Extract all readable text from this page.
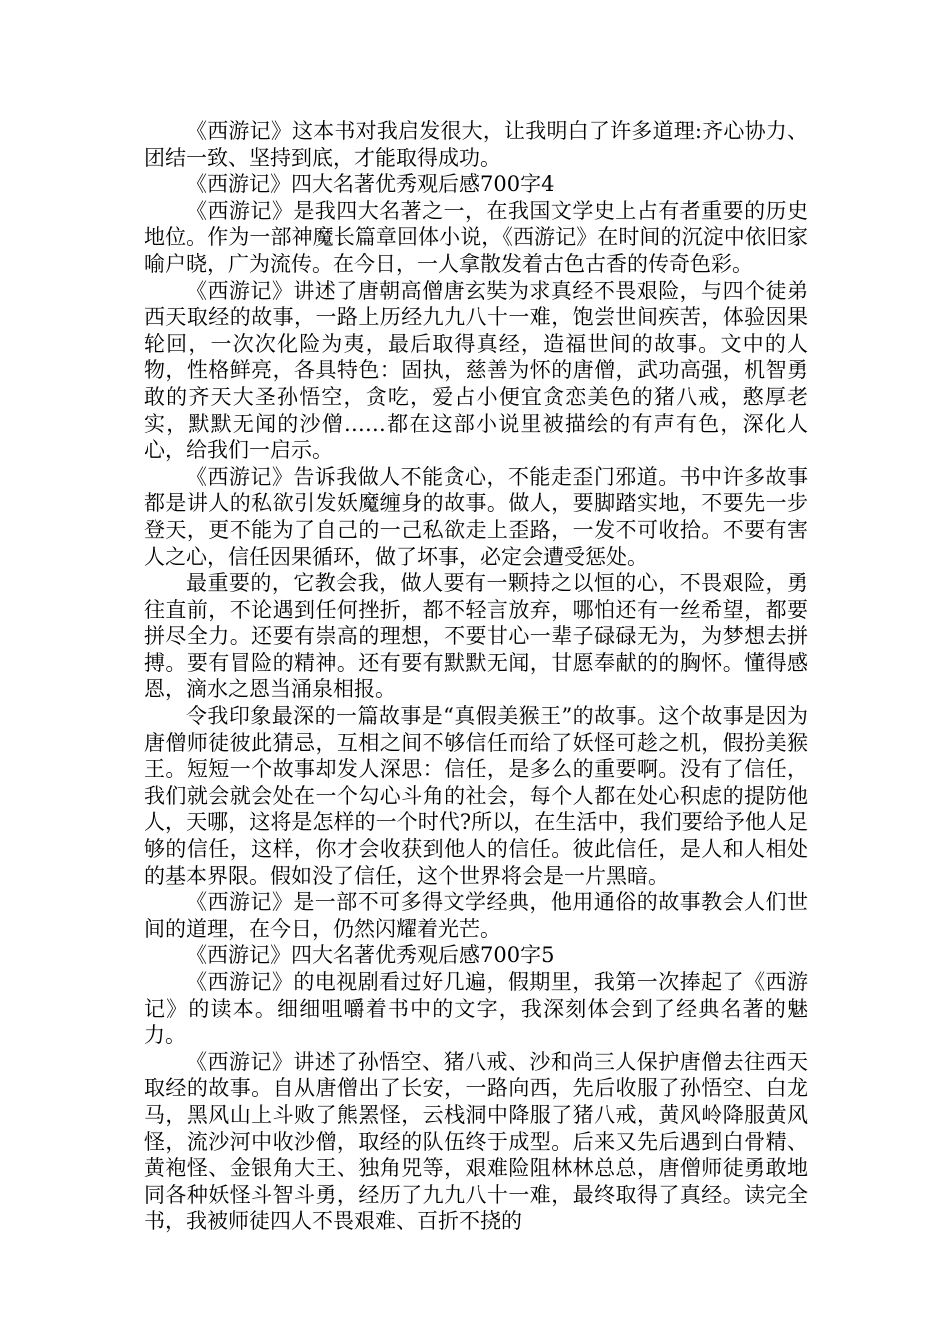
《西游记》这本书对我启发很大，让我明白了许多道理:齐心协力、团结一致、坚持到底，才能取得成功。

《西游记》四大名著优秀观后感700字4

《西游记》是我四大名著之一，在我国文学史上占有者重要的历史地位。作为一部神魔长篇章回体小说，《西游记》在时间的沉淀中依旧家喻户晓，广为流传。在今日，一人拿散发着古色古香的传奇色彩。

《西游记》讲述了唐朝高僧唐玄奘为求真经不畏艰险，与四个徒弟西天取经的故事，一路上历经九九八十一难，饱尝世间疾苦，体验因果轮回，一次次化险为夷，最后取得真经，造福世间的故事。文中的人物，性格鲜亮，各具特色：固执，慈善为怀的唐僧，武功高强，机智勇敢的齐天大圣孙悟空，贪吃，爱占小便宜贪恋美色的猪八戒，憨厚老实，默默无闻的沙僧……都在这部小说里被描绘的有声有色，深化人心，给我们一启示。

《西游记》告诉我做人不能贪心，不能走歪门邪道。书中许多故事都是讲人的私欲引发妖魔缠身的故事。做人，要脚踏实地，不要先一步登天，更不能为了自己的一己私欲走上歪路，一发不可收拾。不要有害人之心，信任因果循环，做了坏事，必定会遭受惩处。

最重要的，它教会我，做人要有一颗持之以恒的心，不畏艰险，勇往直前，不论遇到任何挫折，都不轻言放弃，哪怕还有一丝希望，都要拼尽全力。还要有崇高的理想，不要甘心一辈子碌碌无为，为梦想去拼搏。要有冒险的精神。还有要有默默无闻，甘愿奉献的的胸怀。懂得感恩，滴水之恩当涌泉相报。

令我印象最深的一篇故事是“真假美猴王”的故事。这个故事是因为唐僧师徒彼此猜忌，互相之间不够信任而给了妖怪可趁之机，假扮美猴王。短短一个故事却发人深思：信任，是多么的重要啊。没有了信任，我们就会就会处在一个勾心斗角的社会，每个人都在处心积虑的提防他人，天哪，这将是怎样的一个时代?所以，在生活中，我们要给予他人足够的信任，这样，你才会收获到他人的信任。彼此信任，是人和人相处的基本界限。假如没了信任，这个世界将会是一片黑暗。

《西游记》是一部不可多得文学经典，他用通俗的故事教会人们世间的道理，在今日，仍然闪耀着光芒。

《西游记》四大名著优秀观后感700字5

《西游记》的电视剧看过好几遍，假期里，我第一次捧起了《西游记》的读本。细细咀嚼着书中的文字，我深刻体会到了经典名著的魅力。

《西游记》讲述了孙悟空、猪八戒、沙和尚三人保护唐僧去往西天取经的故事。自从唐僧出了长安，一路向西，先后收服了孙悟空、白龙马，黑风山上斗败了熊罴怪，云栈洞中降服了猪八戒，黄风岭降服黄风怪，流沙河中收沙僧，取经的队伍终于成型。后来又先后遇到白骨精、黄袍怪、金银角大王、独角兕等，艰难险阻林林总总，唐僧师徒勇敢地同各种妖怪斗智斗勇，经历了九九八十一难，最终取得了真经。读完全书，我被师徒四人不畏艰难、百折不挠的
